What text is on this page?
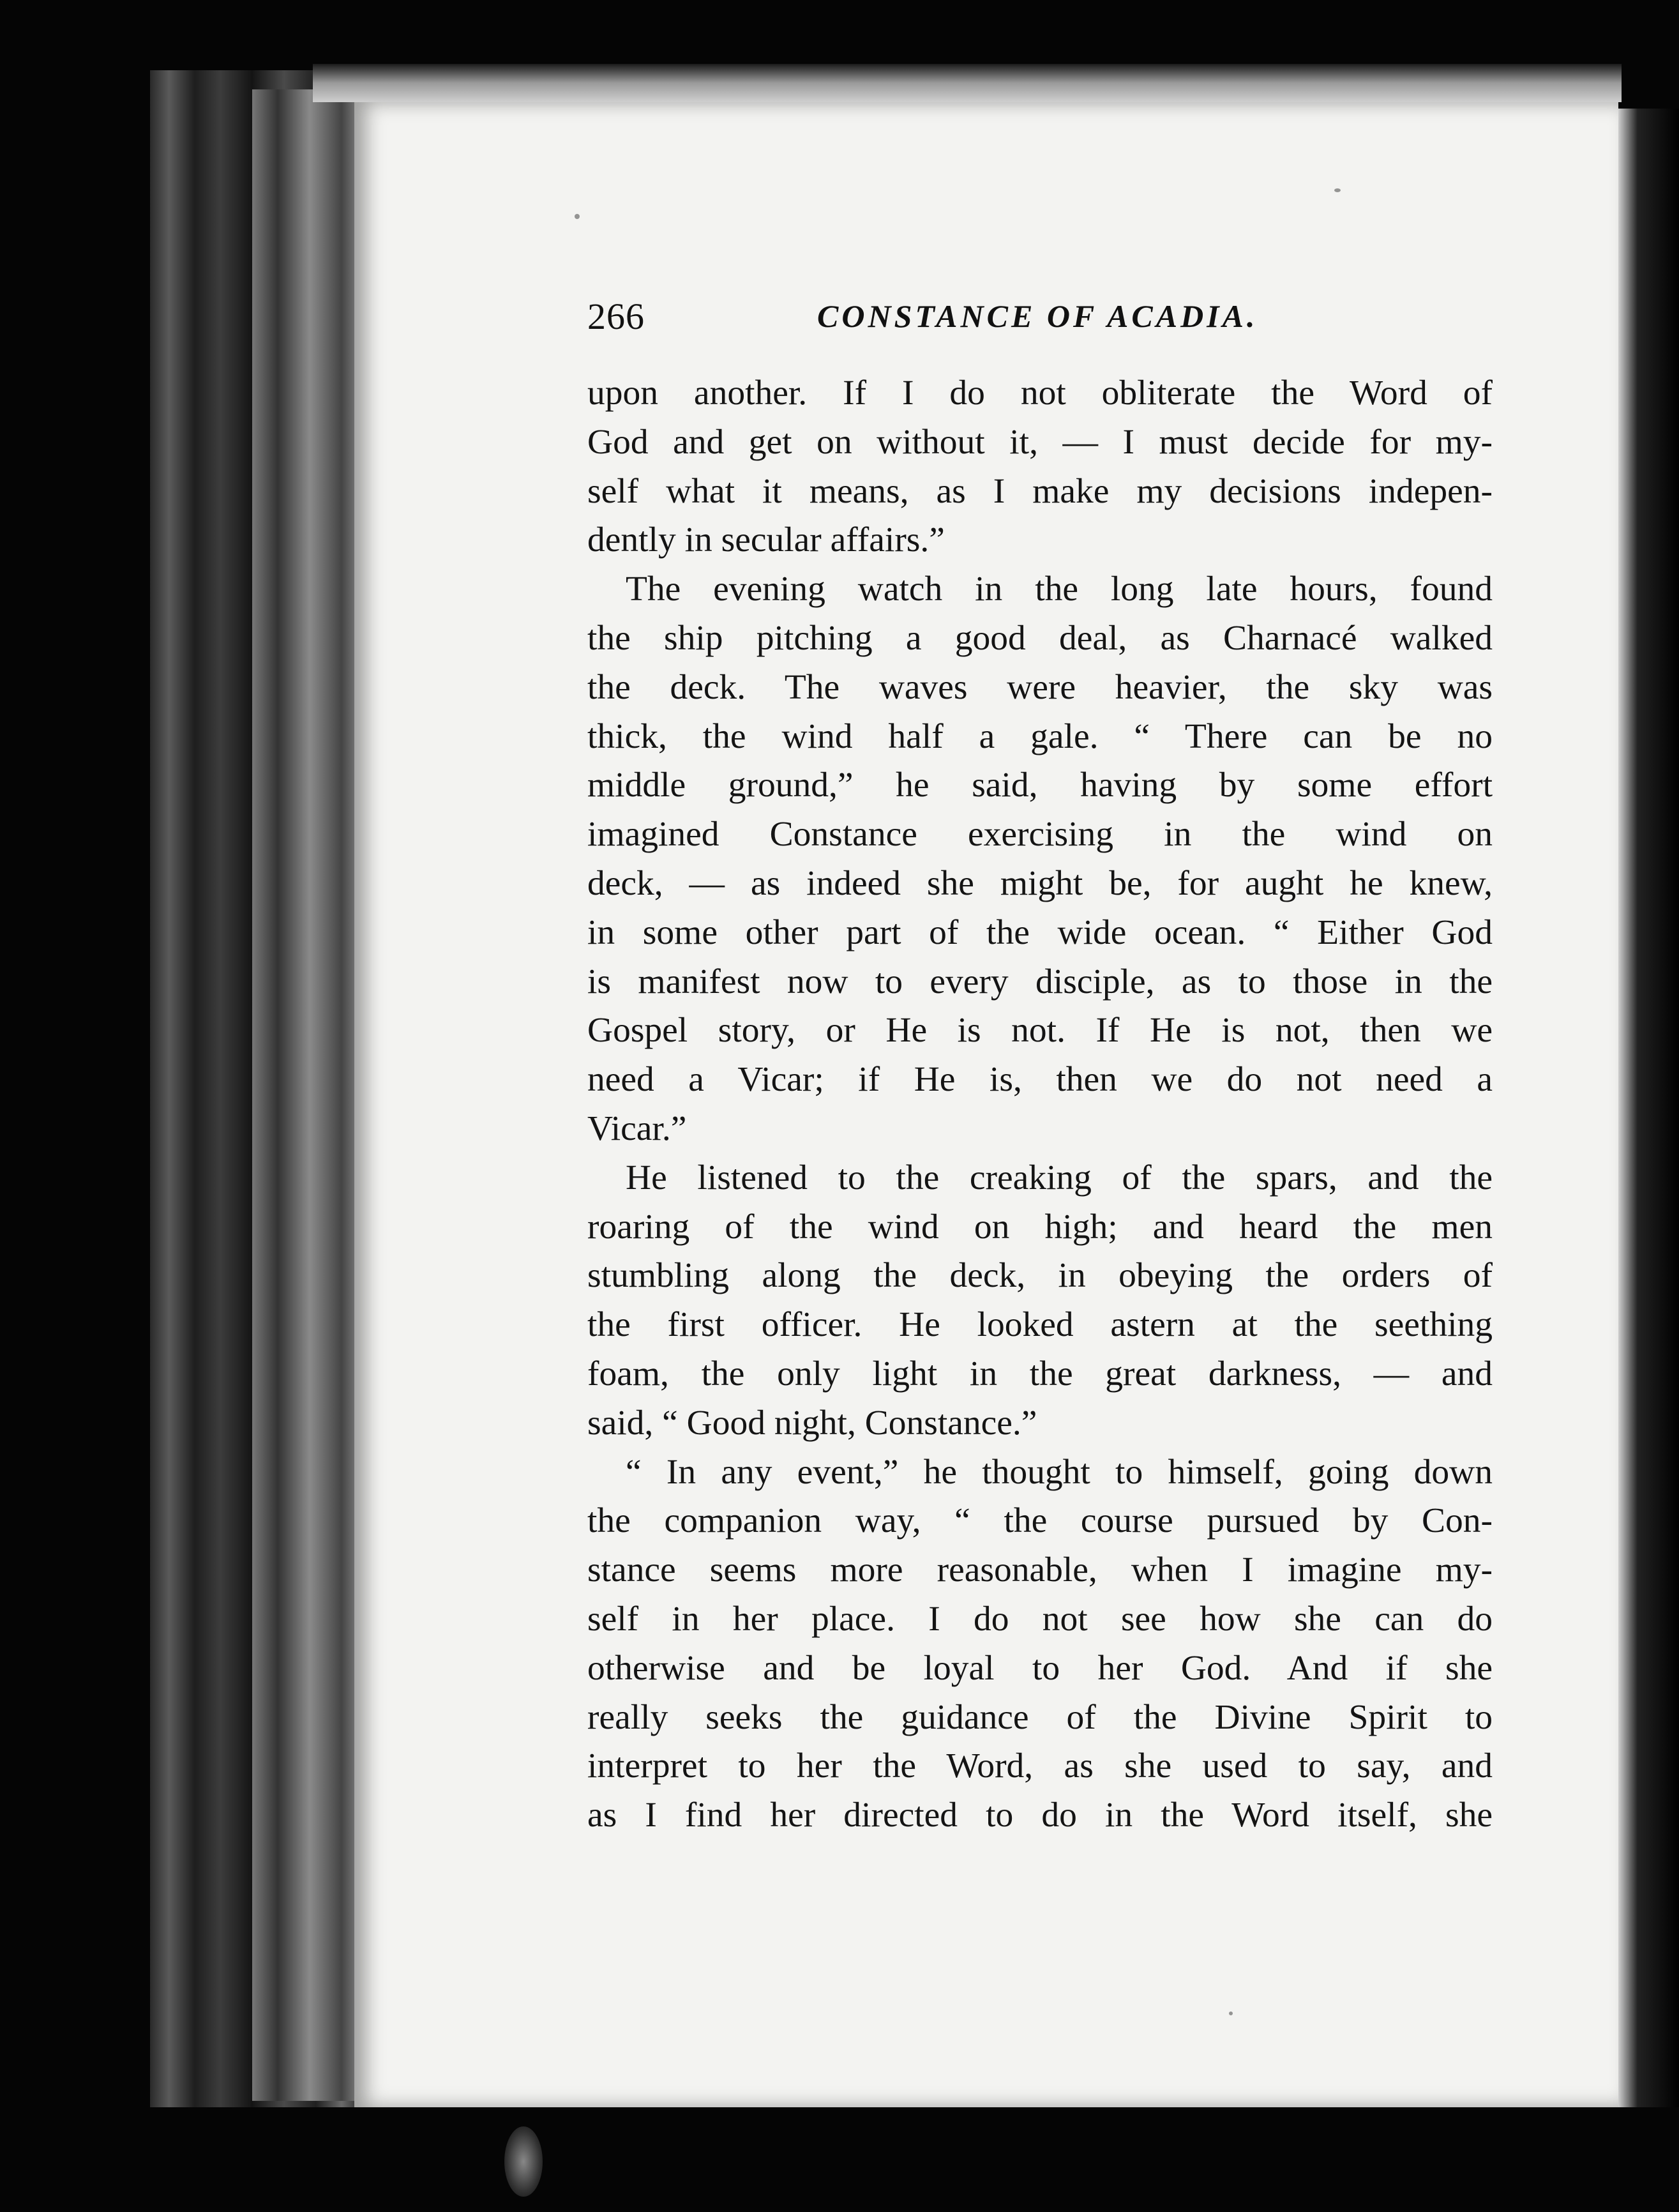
266	CONSTANCE OF ACADIA.
upon another. If I do not obliterate the Word of
God and get on without it, — I must decide for my-
self what it means, as I make my decisions indepen-
dently in secular affairs.”
The evening watch in the long late hours, found
the ship pitching a good deal, as Charnacé walked
the deck. The waves were heavier, the sky was
thick, the wind half a gale. “ There can be no
middle ground,” he said, having by some effort
imagined Constance exercising in the wind on
deck, — as indeed she might be, for aught he knew,
in some other part of the wide ocean. “ Either God
is manifest now to every disciple, as to those in the
Gospel story, or He is not. If He is not, then we
need a Vicar; if He is, then we do not need a
Vicar.”
He listened to the creaking of the spars, and the
roaring of the wind on high; and heard the men
stumbling along the deck, in obeying the orders of
the first officer. He looked astern at the seething
foam, the only light in the great darkness, — and
said, “ Good night, Constance.”
“ In any event,” he thought to himself, going down
the companion way, “ the course pursued by Con-
stance seems more reasonable, when I imagine my-
self in her place. I do not see how she can do
otherwise and be loyal to her God. And if she
really seeks the guidance of the Divine Spirit to
interpret to her the Word, as she used to say, and
as I find her directed to do in the Word itself, she
